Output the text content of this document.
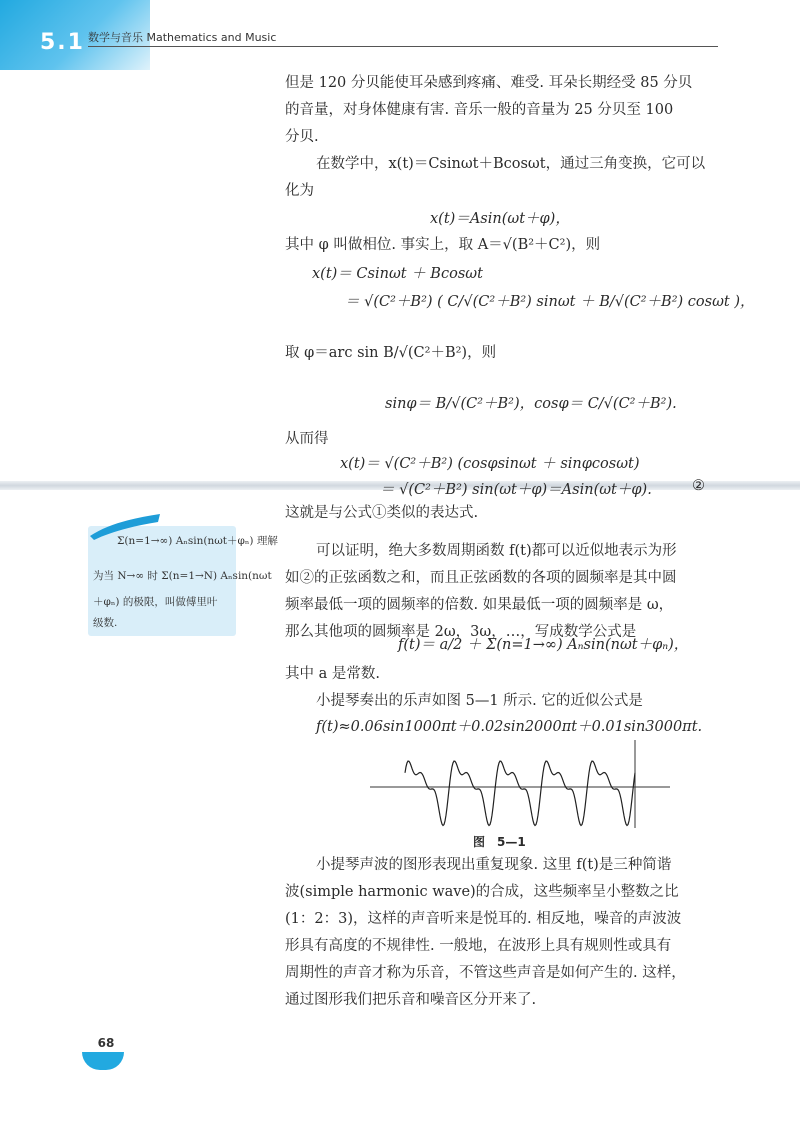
5.1 数学与音乐 Mathematics and Music
但是 120 分贝能使耳朵感到疼痛、难受. 耳朵长期经受 85 分贝
的音量，对身体健康有害. 音乐一般的音量为 25 分贝至 100
分贝.
在数学中，x(t)＝Csinωt＋Bcosωt，通过三角变换，它可以
化为
x(t)＝Asin(ωt＋φ)，
其中 φ 叫做相位. 事实上，取 A＝√(B²＋C²)，则
x(t)＝ Csinωt ＋ Bcosωt
＝ √(C²＋B²) ( C/√(C²＋B²) sinωt ＋ B/√(C²＋B²) cosωt )，
取 φ＝arc sin B/√(C²＋B²)，则
sinφ＝ B/√(C²＋B²)，cosφ＝ C/√(C²＋B²).
从而得
x(t)＝ √(C²＋B²) (cosφsinωt ＋ sinφcosωt)
＝ √(C²＋B²) sin(ωt＋φ)＝Asin(ωt＋φ).	②
这就是与公式①类似的表达式.
可以证明，绝大多数周期函数 f(t)都可以近似地表示为形
如②的正弦函数之和，而且正弦函数的各项的圆频率是其中圆
频率最低一项的圆频率的倍数. 如果最低一项的圆频率是 ω，
那么其他项的圆频率是 2ω，3ω，…，写成数学公式是
f(t)＝ a/2 ＋ Σ(n=1→∞) Aₙsin(nωt＋φₙ)，
其中 a 是常数.
小提琴奏出的乐声如图 5—1 所示. 它的近似公式是
f(t)≈0.06sin1000πt＋0.02sin2000πt＋0.01sin3000πt.
Σ(n=1→∞) Aₙsin(nωt＋φₙ) 理解
为当 N→∞ 时 Σ(n=1→N) Aₙsin(nωt
＋φₙ) 的极限，叫做傅里叶
级数.
图　5—1
小提琴声波的图形表现出重复现象. 这里 f(t)是三种简谐
波(simple harmonic wave)的合成，这些频率呈小整数之比
(1：2：3)，这样的声音听来是悦耳的. 相反地，噪音的声波波
形具有高度的不规律性. 一般地，在波形上具有规则性或具有
周期性的声音才称为乐音，不管这些声音是如何产生的. 这样，
通过图形我们把乐音和噪音区分开来了.
68
